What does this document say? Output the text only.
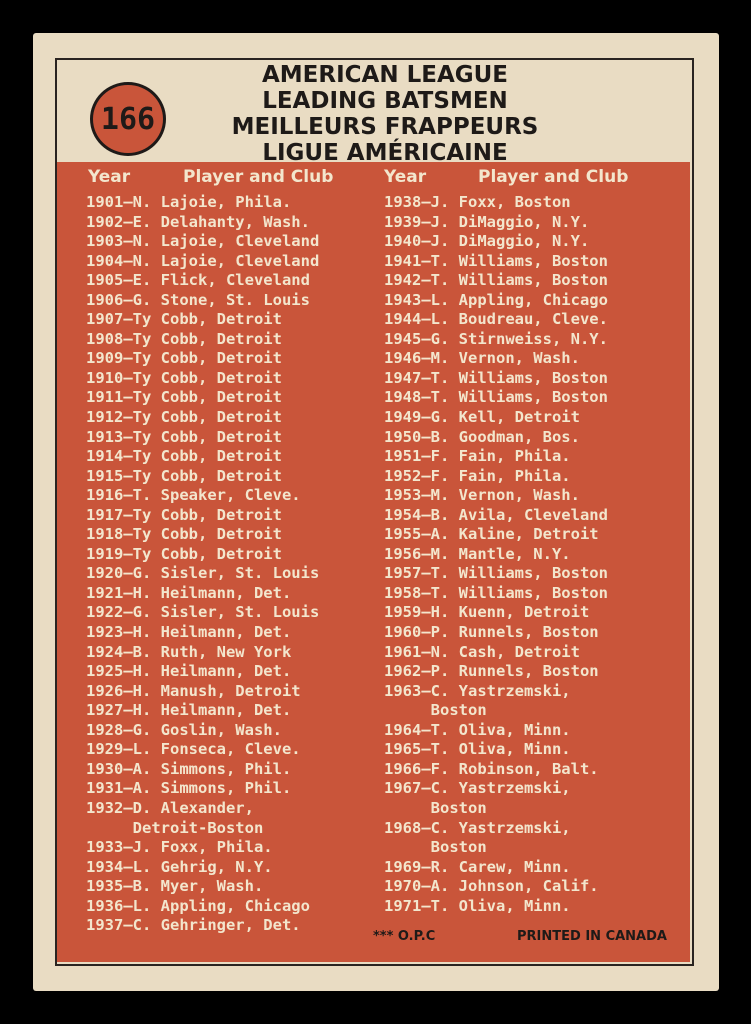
166
AMERICAN LEAGUE
LEADING BATSMEN
MEILLEURS FRAPPEURS
LIGUE AMÉRICAINE
Year	Player and Club	Year	Player and Club
1901—N. Lajoie, Phila.
1902—E. Delahanty, Wash.
1903—N. Lajoie, Cleveland
1904—N. Lajoie, Cleveland
1905—E. Flick, Cleveland
1906—G. Stone, St. Louis
1907—Ty Cobb, Detroit
1908—Ty Cobb, Detroit
1909—Ty Cobb, Detroit
1910—Ty Cobb, Detroit
1911—Ty Cobb, Detroit
1912—Ty Cobb, Detroit
1913—Ty Cobb, Detroit
1914—Ty Cobb, Detroit
1915—Ty Cobb, Detroit
1916—T. Speaker, Cleve.
1917—Ty Cobb, Detroit
1918—Ty Cobb, Detroit
1919—Ty Cobb, Detroit
1920—G. Sisler, St. Louis
1921—H. Heilmann, Det.
1922—G. Sisler, St. Louis
1923—H. Heilmann, Det.
1924—B. Ruth, New York
1925—H. Heilmann, Det.
1926—H. Manush, Detroit
1927—H. Heilmann, Det.
1928—G. Goslin, Wash.
1929—L. Fonseca, Cleve.
1930—A. Simmons, Phil.
1931—A. Simmons, Phil.
1932—D. Alexander,
Detroit-Boston
1933—J. Foxx, Phila.
1934—L. Gehrig, N.Y.
1935—B. Myer, Wash.
1936—L. Appling, Chicago
1937—C. Gehringer, Det.
1938—J. Foxx, Boston
1939—J. DiMaggio, N.Y.
1940—J. DiMaggio, N.Y.
1941—T. Williams, Boston
1942—T. Williams, Boston
1943—L. Appling, Chicago
1944—L. Boudreau, Cleve.
1945—G. Stirnweiss, N.Y.
1946—M. Vernon, Wash.
1947—T. Williams, Boston
1948—T. Williams, Boston
1949—G. Kell, Detroit
1950—B. Goodman, Bos.
1951—F. Fain, Phila.
1952—F. Fain, Phila.
1953—M. Vernon, Wash.
1954—B. Avila, Cleveland
1955—A. Kaline, Detroit
1956—M. Mantle, N.Y.
1957—T. Williams, Boston
1958—T. Williams, Boston
1959—H. Kuenn, Detroit
1960—P. Runnels, Boston
1961—N. Cash, Detroit
1962—P. Runnels, Boston
1963—C. Yastrzemski,
Boston
1964—T. Oliva, Minn.
1965—T. Oliva, Minn.
1966—F. Robinson, Balt.
1967—C. Yastrzemski,
Boston
1968—C. Yastrzemski,
Boston
1969—R. Carew, Minn.
1970—A. Johnson, Calif.
1971—T. Oliva, Minn.
*** O.P.C	PRINTED IN CANADA
